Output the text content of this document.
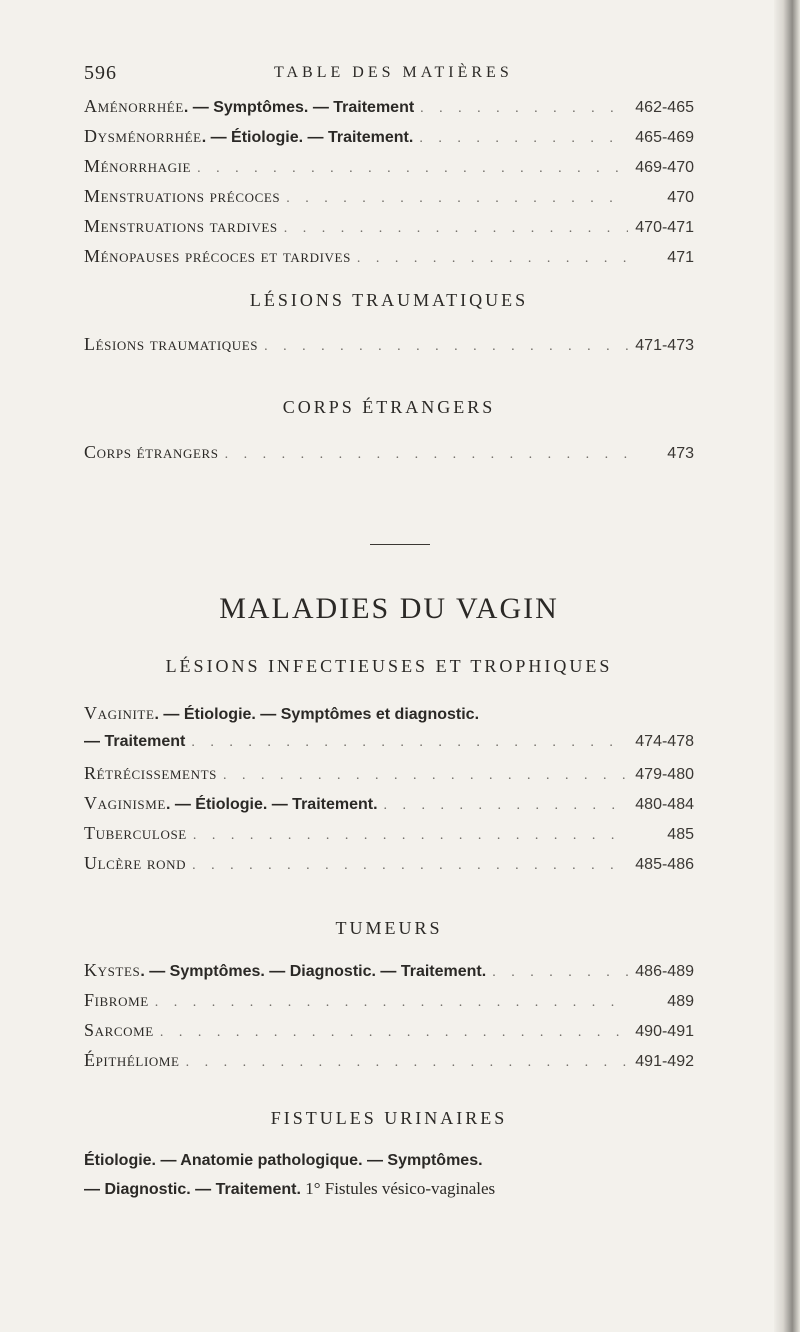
596	TABLE DES MATIÈRES
Aménorrhée . — Symptômes. — Traitement . . .	462-465
Dysménorrhée . — Étiologie. — Traitement. . . .	465-469
Ménorrhagie . . .	469-470
Menstruations précoces . . .	470
Menstruations tardives . . .	470-471
Ménopauses précoces et tardives . . .	471
LÉSIONS TRAUMATIQUES
Lésions traumatiques . . .	471-473
CORPS ÉTRANGERS
Corps étrangers . . .	473
MALADIES DU VAGIN
LÉSIONS INFECTIEUSES ET TROPHIQUES
Vaginite . — Étiologie. — Symptômes et diagnostic.
— Traitement . . .	474-478
Rétrécissements . . .	479-480
Vaginisme . — Étiologie. — Traitement. . . .	480-484
Tuberculose . . .	485
Ulcère rond . . .	485-486
TUMEURS
Kystes . — Symptômes. — Diagnostic. — Traitement. . . .	486-489
Fibrome . . .	489
Sarcome . . .	490-491
Épithéliome . . .	491-492
FISTULES URINAIRES
Étiologie. — Anatomie pathologique. — Symptômes.
— Diagnostic. — Traitement. 1° Fistules vésico-vaginales
